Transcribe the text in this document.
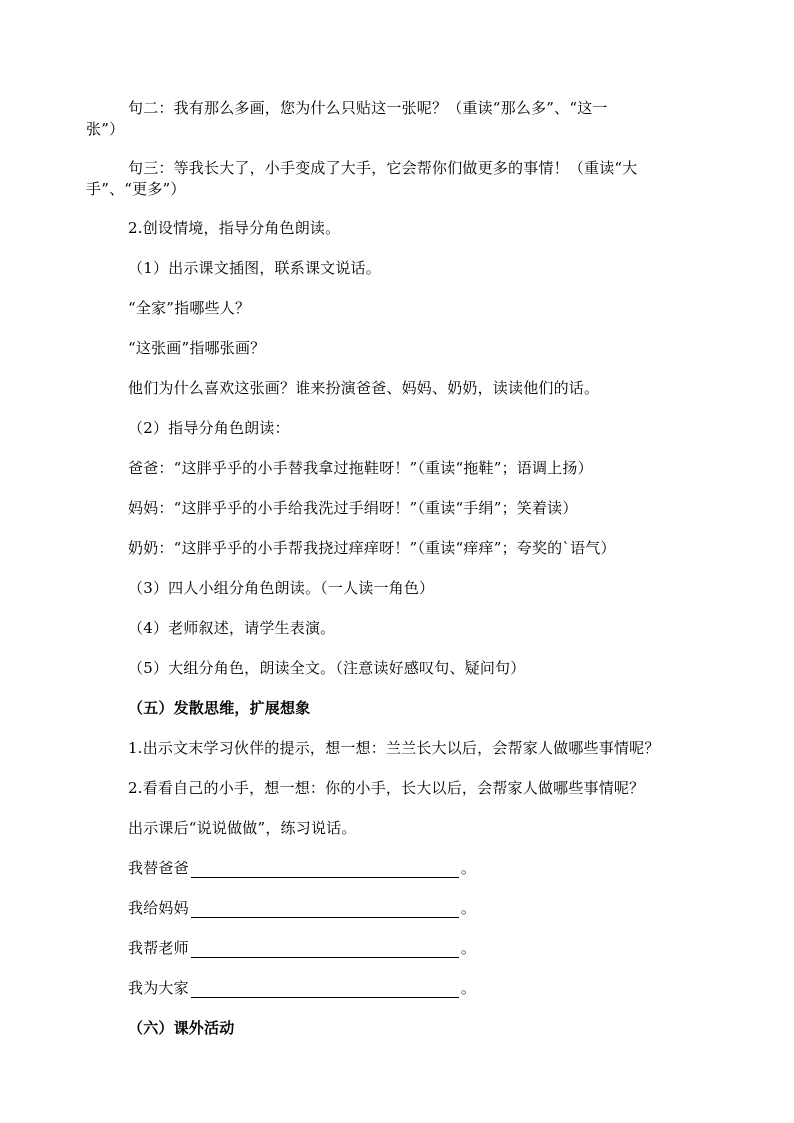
句二：我有那么多画，您为什么只贴这一张呢？（重读“那么多”、“这一
张”）
句三：等我长大了，小手变成了大手，它会帮你们做更多的事情！（重读“大
手”、“更多”）
2.创设情境，指导分角色朗读。
（1）出示课文插图，联系课文说话。
“全家”指哪些人？
“这张画”指哪张画？
他们为什么喜欢这张画？谁来扮演爸爸、妈妈、奶奶，读读他们的话。
（2）指导分角色朗读：
爸爸：“这胖乎乎的小手替我拿过拖鞋呀！”（重读“拖鞋”；语调上扬）
妈妈：“这胖乎乎的小手给我洗过手绢呀！”（重读“手绢”；笑着读）
奶奶：“这胖乎乎的小手帮我挠过痒痒呀！”（重读“痒痒”；夸奖的`语气）
（3）四人小组分角色朗读。（一人读一角色）
（4）老师叙述，请学生表演。
（5）大组分角色，朗读全文。（注意读好感叹句、疑问句）
（五）发散思维，扩展想象
1.出示文末学习伙伴的提示，想一想：兰兰长大以后，会帮家人做哪些事情呢？
2.看看自己的小手，想一想：你的小手，长大以后，会帮家人做哪些事情呢？
出示课后“说说做做”，练习说话。
我替爸爸	。
我给妈妈	。
我帮老师	。
我为大家	。
（六）课外活动
